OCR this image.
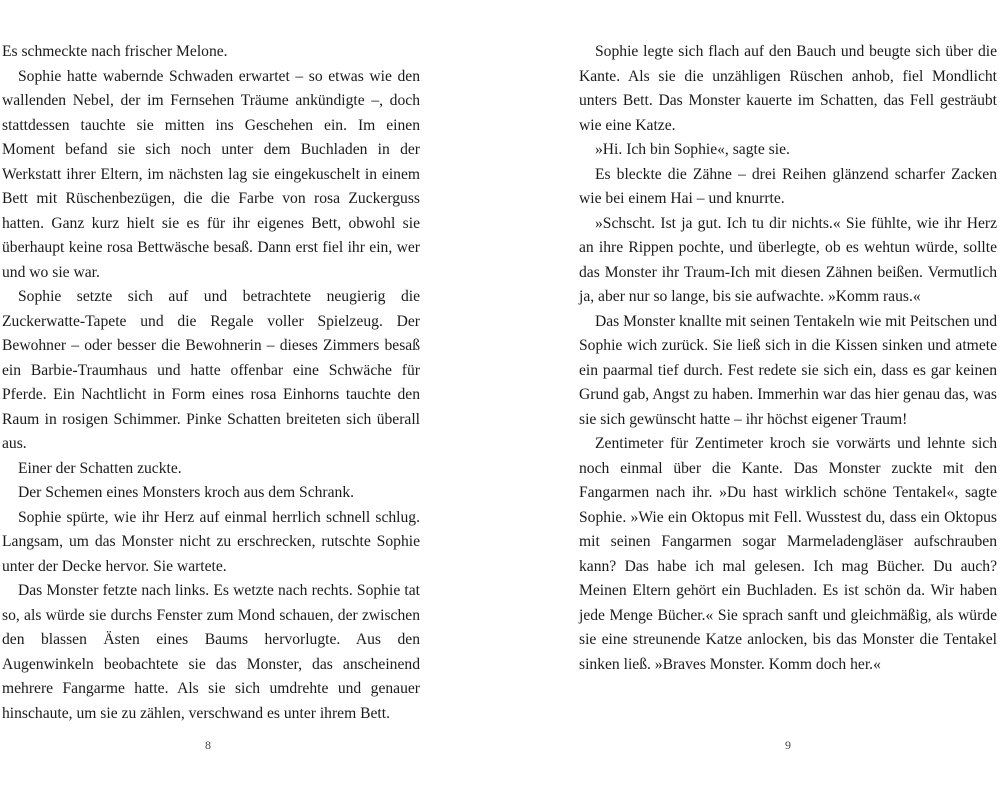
Es schmeckte nach frischer Melone.

Sophie hatte wabernde Schwaden erwartet – so etwas wie den wallenden Nebel, der im Fernsehen Träume ankündigte –, doch stattdessen tauchte sie mitten ins Geschehen ein. Im einen Moment befand sie sich noch unter dem Buchladen in der Werkstatt ihrer Eltern, im nächsten lag sie eingekuschelt in einem Bett mit Rüschenbezügen, die die Farbe von rosa Zuckerguss hatten. Ganz kurz hielt sie es für ihr eigenes Bett, obwohl sie überhaupt keine rosa Bettwäsche besaß. Dann erst fiel ihr ein, wer und wo sie war.

Sophie setzte sich auf und betrachtete neugierig die Zuckerwatte-Tapete und die Regale voller Spielzeug. Der Bewohner – oder besser die Bewohnerin – dieses Zimmers besaß ein Barbie-Traumhaus und hatte offenbar eine Schwäche für Pferde. Ein Nachtlicht in Form eines rosa Einhorns tauchte den Raum in rosigen Schimmer. Pinke Schatten breiteten sich überall aus.

Einer der Schatten zuckte.

Der Schemen eines Monsters kroch aus dem Schrank.

Sophie spürte, wie ihr Herz auf einmal herrlich schnell schlug. Langsam, um das Monster nicht zu erschrecken, rutschte Sophie unter der Decke hervor. Sie wartete.

Das Monster fetzte nach links. Es wetzte nach rechts. Sophie tat so, als würde sie durchs Fenster zum Mond schauen, der zwischen den blassen Ästen eines Baums hervorlugte. Aus den Augenwinkeln beobachtete sie das Monster, das anscheinend mehrere Fangarme hatte. Als sie sich umdrehte und genauer hinschaute, um sie zu zählen, verschwand es unter ihrem Bett.

8

Sophie legte sich flach auf den Bauch und beugte sich über die Kante. Als sie die unzähligen Rüschen anhob, fiel Mondlicht unters Bett. Das Monster kauerte im Schatten, das Fell gesträubt wie eine Katze.

»Hi. Ich bin Sophie«, sagte sie.

Es bleckte die Zähne – drei Reihen glänzend scharfer Zacken wie bei einem Hai – und knurrte.

»Schscht. Ist ja gut. Ich tu dir nichts.« Sie fühlte, wie ihr Herz an ihre Rippen pochte, und überlegte, ob es wehtun würde, sollte das Monster ihr Traum-Ich mit diesen Zähnen beißen. Vermutlich ja, aber nur so lange, bis sie aufwachte. »Komm raus.«

Das Monster knallte mit seinen Tentakeln wie mit Peitschen und Sophie wich zurück. Sie ließ sich in die Kissen sinken und atmete ein paarmal tief durch. Fest redete sie sich ein, dass es gar keinen Grund gab, Angst zu haben. Immerhin war das hier genau das, was sie sich gewünscht hatte – ihr höchst eigener Traum!

Zentimeter für Zentimeter kroch sie vorwärts und lehnte sich noch einmal über die Kante. Das Monster zuckte mit den Fangarmen nach ihr. »Du hast wirklich schöne Tentakel«, sagte Sophie. »Wie ein Oktopus mit Fell. Wusstest du, dass ein Oktopus mit seinen Fangarmen sogar Marmeladengläser aufschrauben kann? Das habe ich mal gelesen. Ich mag Bücher. Du auch? Meinen Eltern gehört ein Buchladen. Es ist schön da. Wir haben jede Menge Bücher.« Sie sprach sanft und gleichmäßig, als würde sie eine streunende Katze anlocken, bis das Monster die Tentakel sinken ließ. »Braves Monster. Komm doch her.«

9
